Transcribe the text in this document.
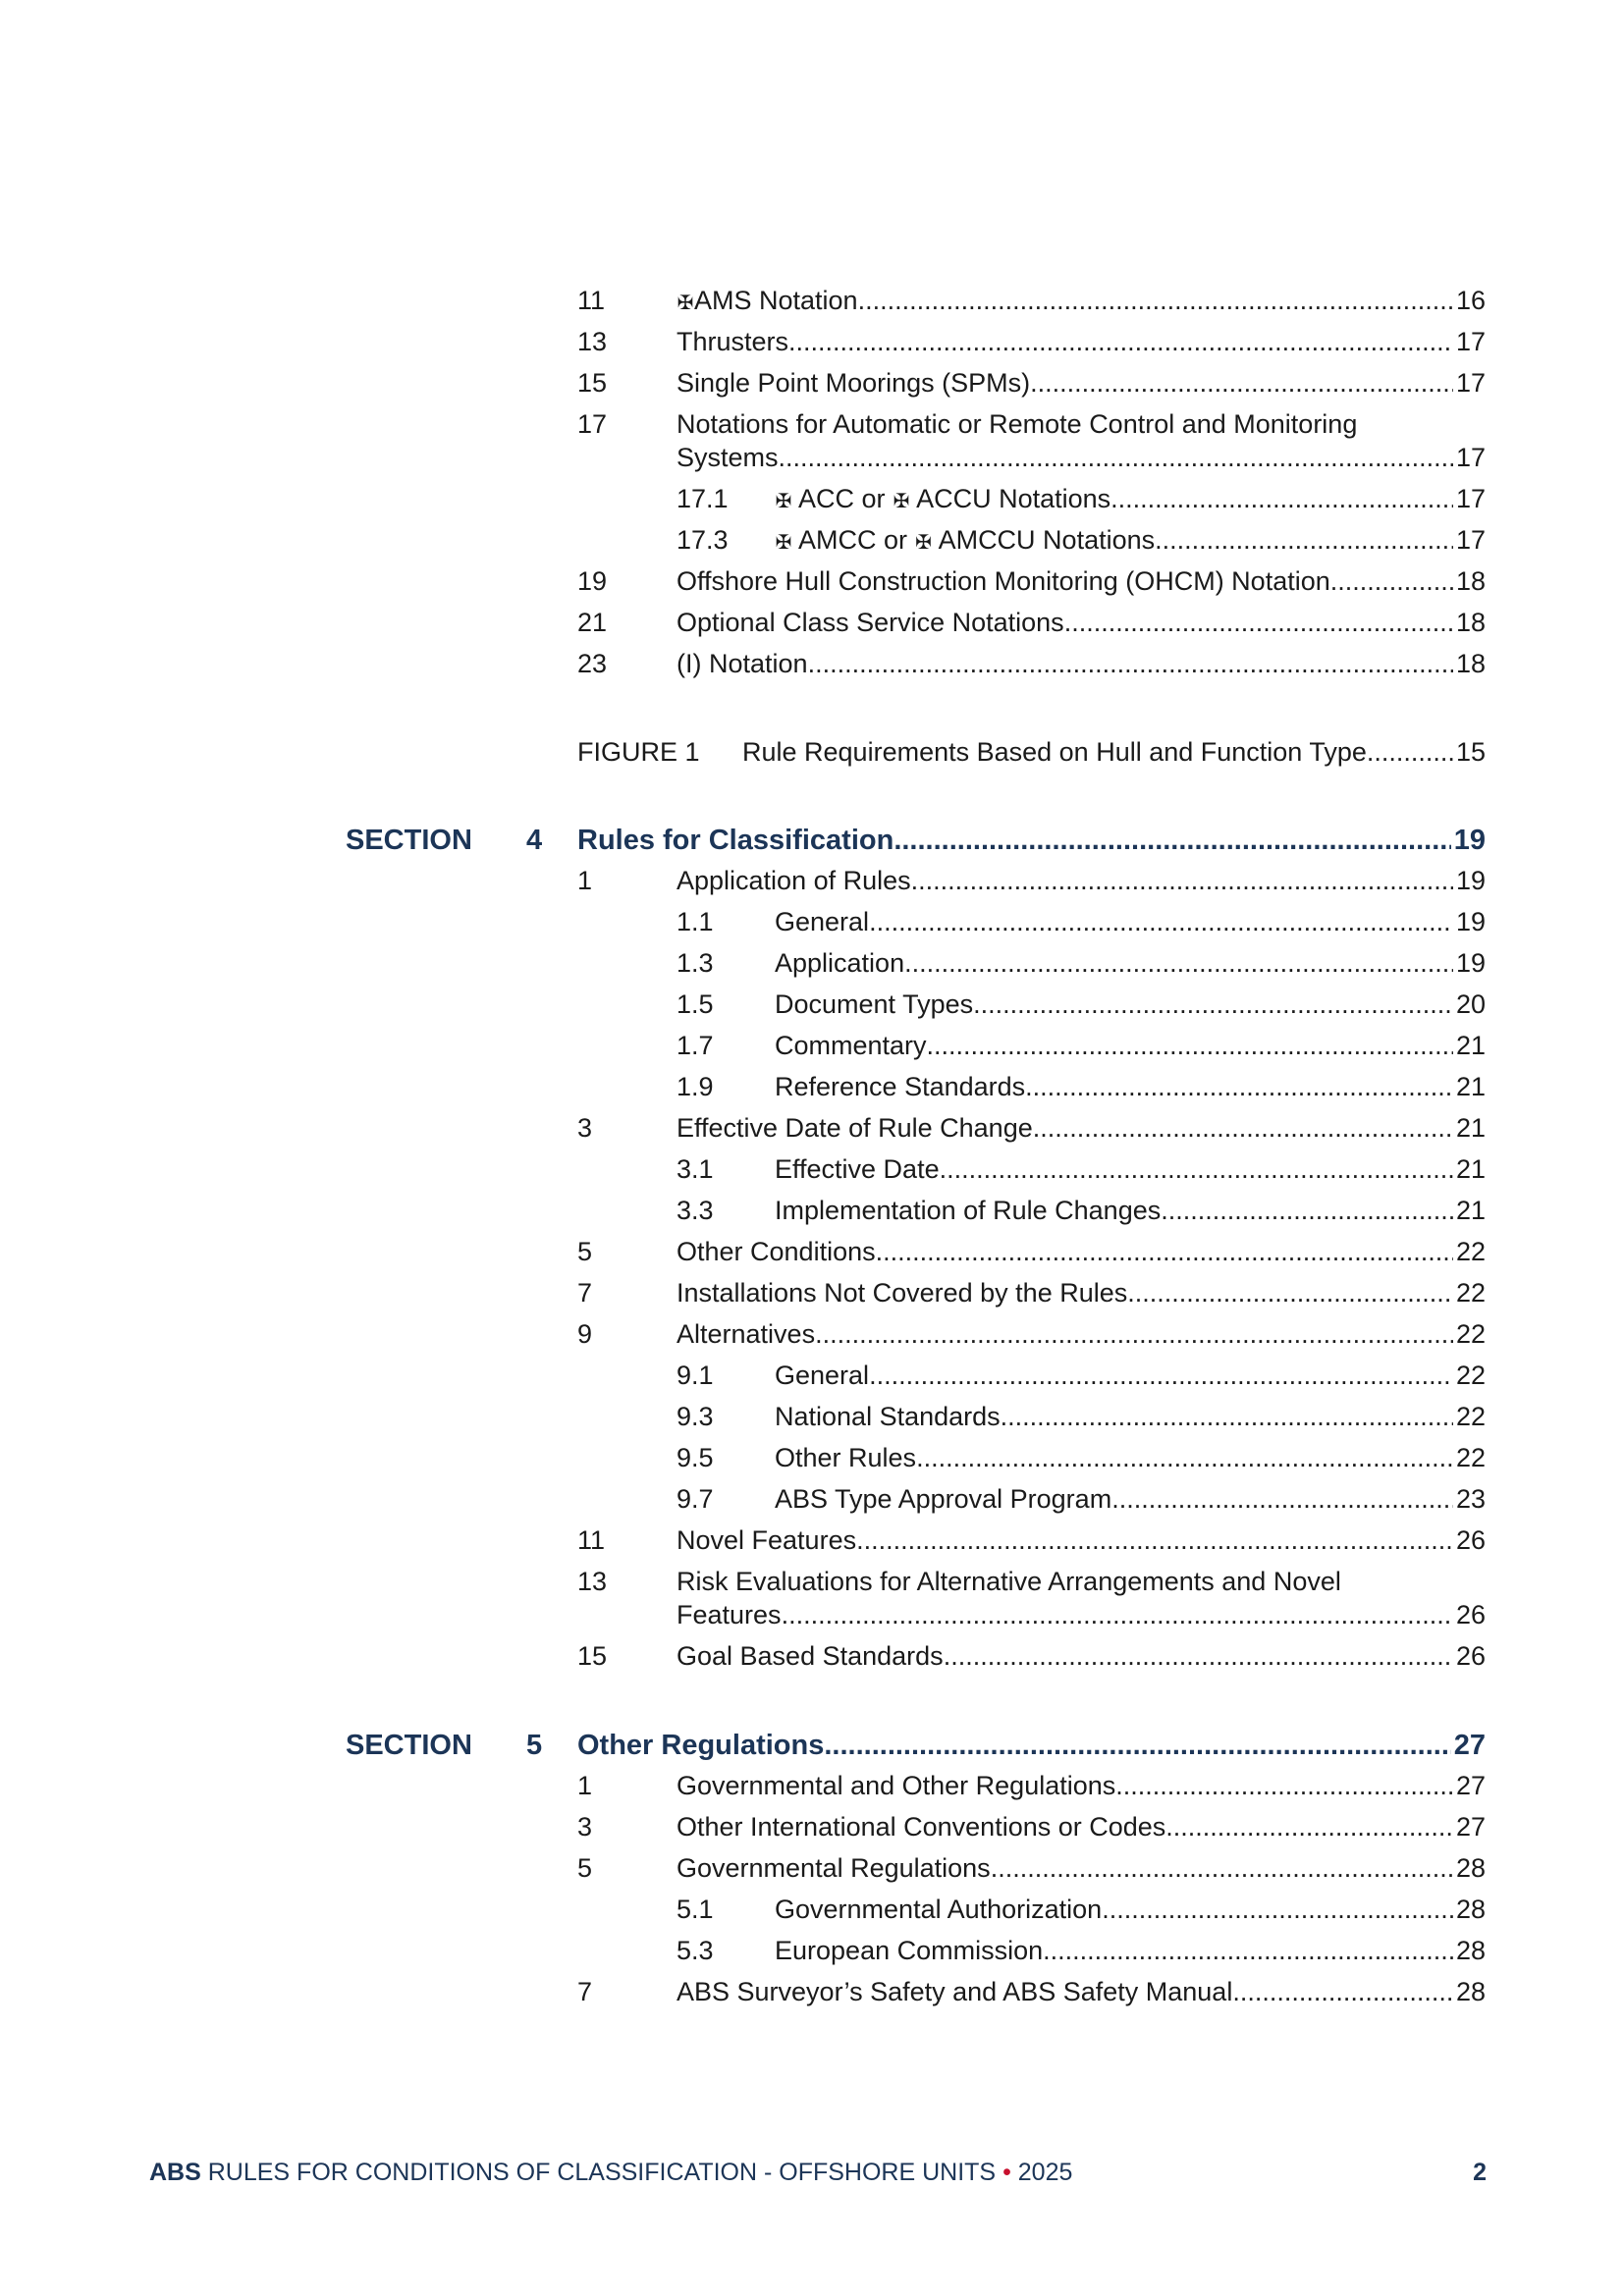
11	✠AMS Notation .....	16
13	Thrusters .....	17
15	Single Point Moorings (SPMs) .....	17
17	Notations for Automatic or Remote Control and Monitoring
Systems .....	17
17.1 ✠ ACC or ✠ ACCU Notations .....	17
17.3 ✠ AMCC or ✠ AMCCU Notations .....	17
19	Offshore Hull Construction Monitoring (OHCM) Notation .....	18
21	Optional Class Service Notations .....	18
23	(I) Notation .....	18
FIGURE 1 Rule Requirements Based on Hull and Function Type .....	15
SECTION 4 Rules for Classification .....	19
1	Application of Rules .....	19
1.1 General .....	19
1.3 Application .....	19
1.5 Document Types .....	20
1.7 Commentary .....	21
1.9 Reference Standards .....	21
3	Effective Date of Rule Change .....	21
3.1 Effective Date .....	21
3.3 Implementation of Rule Changes .....	21
5	Other Conditions .....	22
7	Installations Not Covered by the Rules .....	22
9	Alternatives .....	22
9.1 General .....	22
9.3 National Standards .....	22
9.5 Other Rules .....	22
9.7 ABS Type Approval Program .....	23
11	Novel Features .....	26
13	Risk Evaluations for Alternative Arrangements and Novel
Features .....	26
15	Goal Based Standards .....	26
SECTION 5 Other Regulations .....	27
1	Governmental and Other Regulations .....	27
3	Other International Conventions or Codes .....	27
5	Governmental Regulations .....	28
5.1 Governmental Authorization .....	28
5.3 European Commission .....	28
7	ABS Surveyor’s Safety and ABS Safety Manual .....	28
ABS RULES FOR CONDITIONS OF CLASSIFICATION - OFFSHORE UNITS • 2025	2
